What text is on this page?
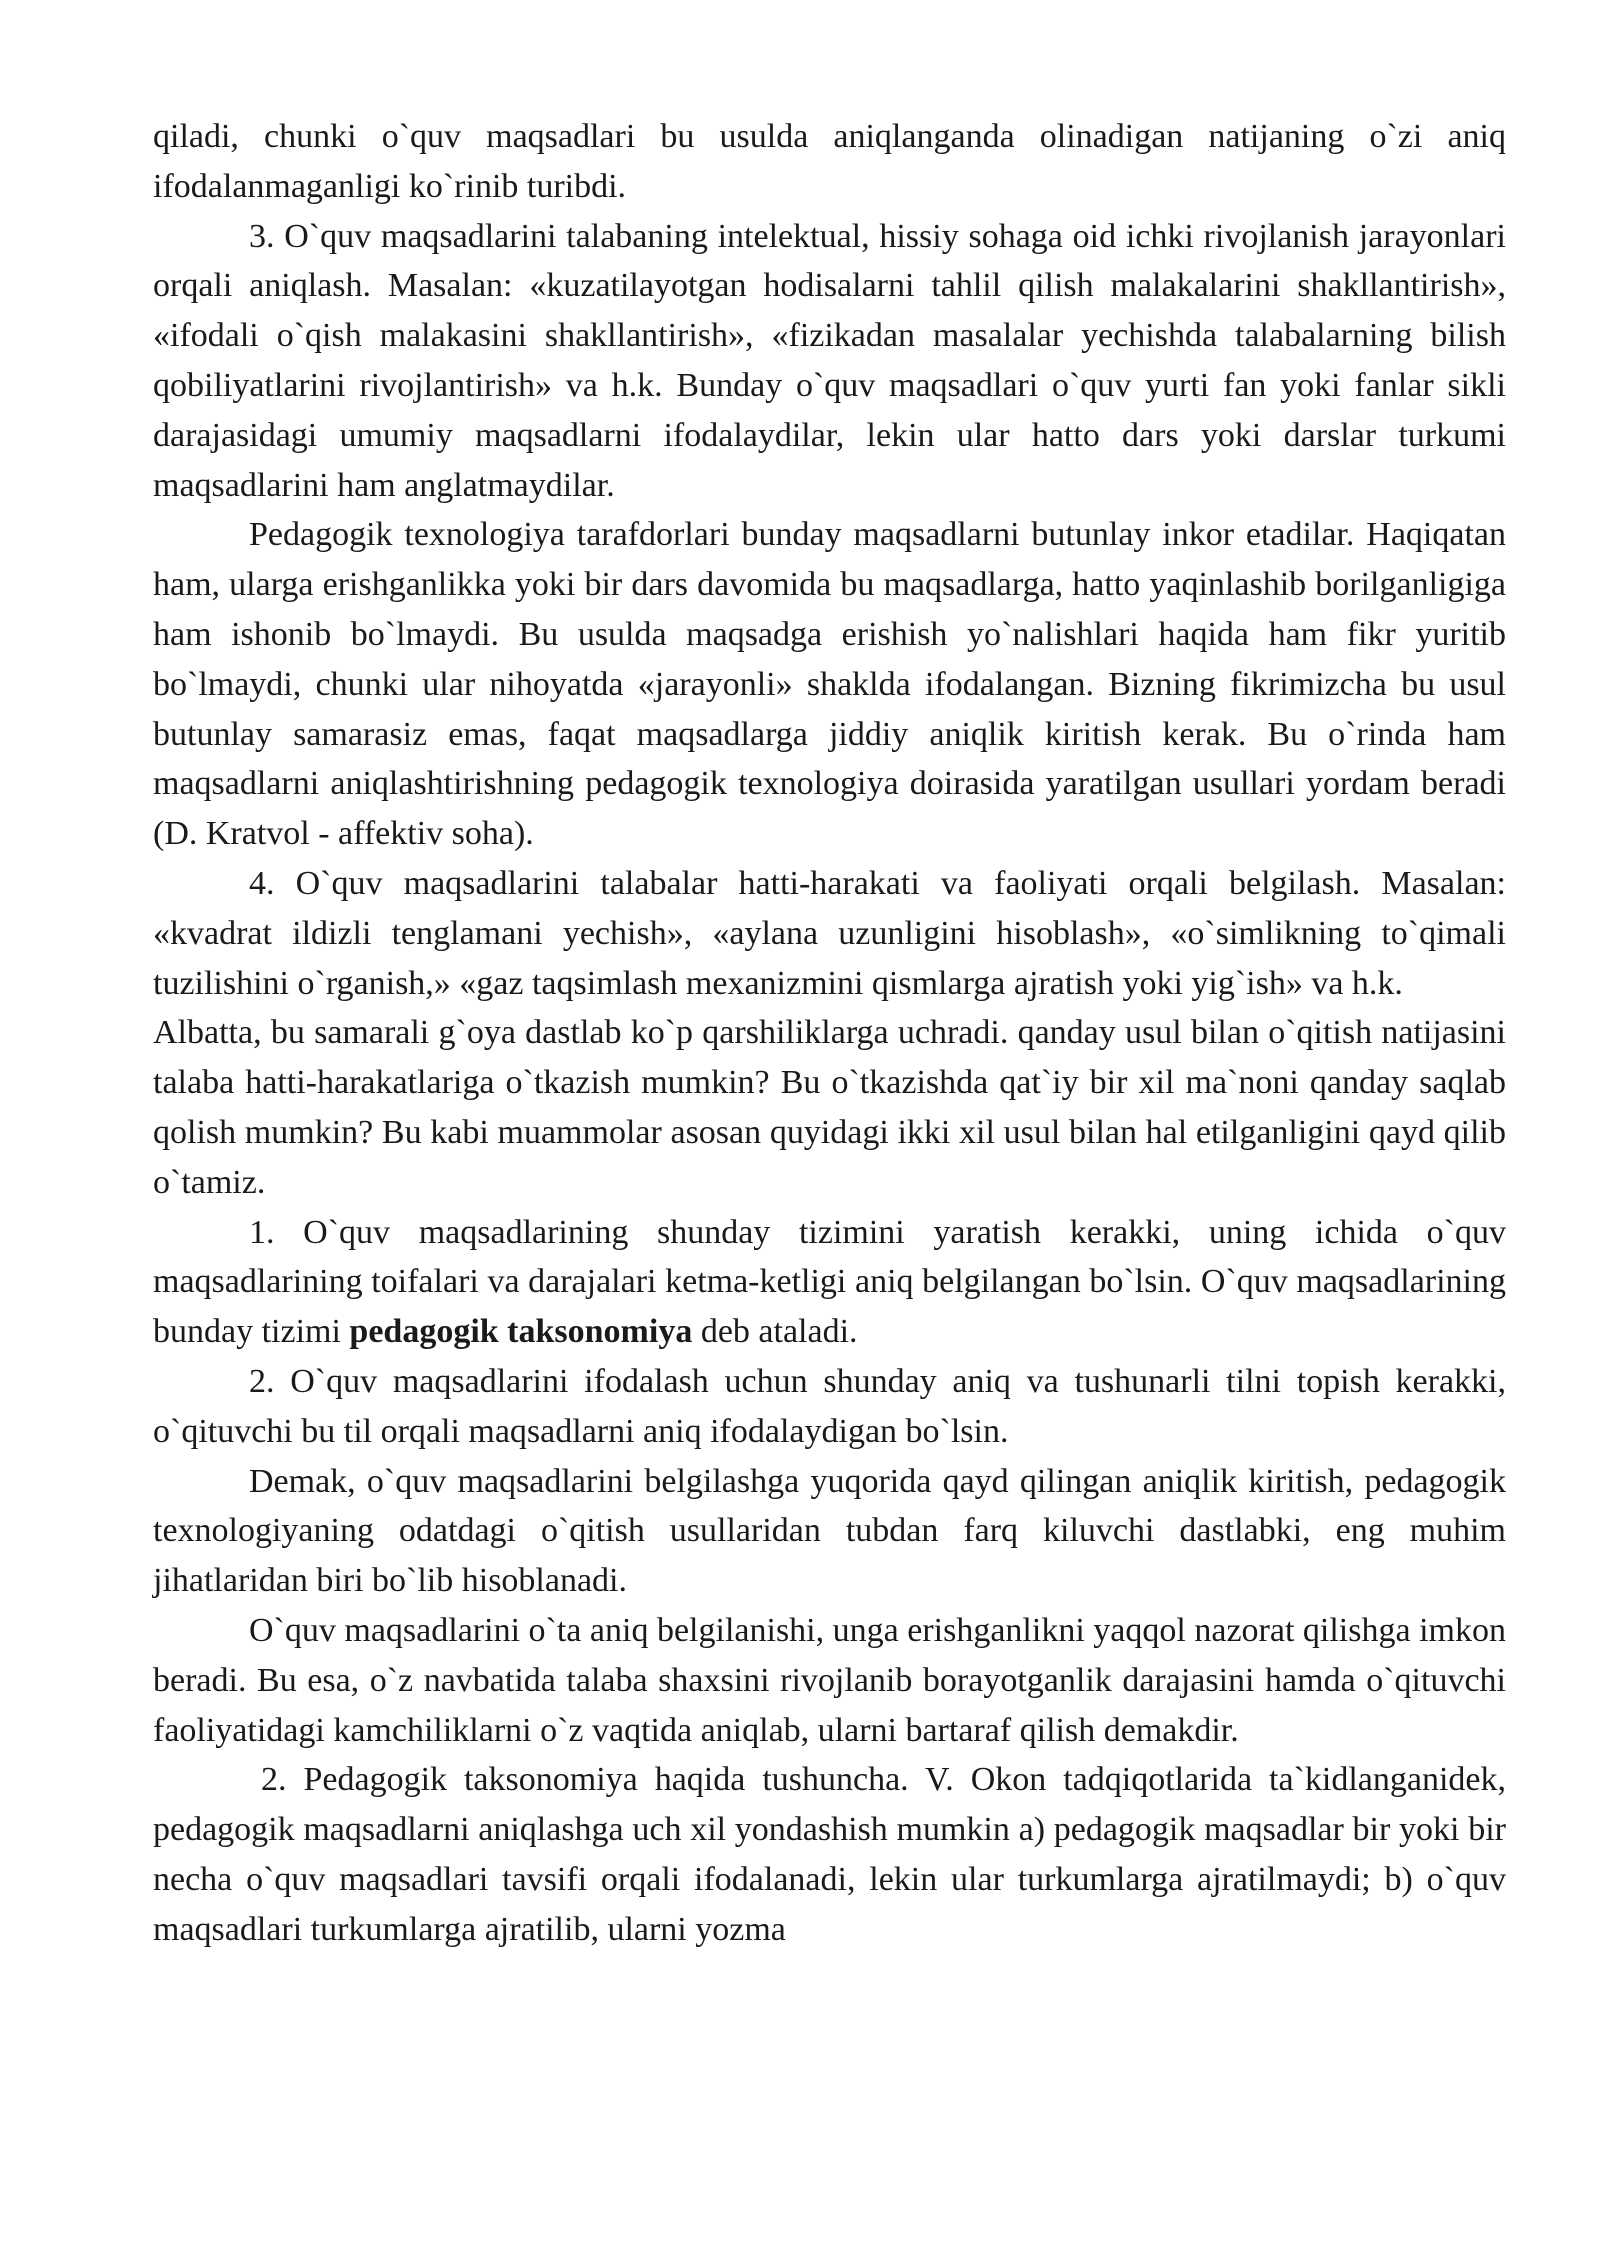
qiladi, chunki o`quv maqsadlari bu usulda aniqlanganda olinadigan natijaning o`zi aniq ifodalanmaganligi ko`rinib turibdi.

3. O`quv maqsadlarini talabaning intelektual, hissiy sohaga oid ichki rivojlanish jarayonlari orqali aniqlash. Masalan: «kuzatilayotgan hodisalarni tahlil qilish malakalarini shakllantirish», «ifodali o`qish malakasini shakllantirish», «fizikadan masalalar yechishda talabalarning bilish qobiliyatlarini rivojlantirish» va h.k. Bunday o`quv maqsadlari o`quv yurti fan yoki fanlar sikli darajasidagi umumiy maqsadlarni ifodalaydilar, lekin ular hatto dars yoki darslar turkumi maqsadlarini ham anglatmaydilar.

Pedagogik texnologiya tarafdorlari bunday maqsadlarni butunlay inkor etadilar. Haqiqatan ham, ularga erishganlikka yoki bir dars davomida bu maqsadlarga, hatto yaqinlashib borilganligiga ham ishonib bo`lmaydi. Bu usulda maqsadga erishish yo`nalishlari haqida ham fikr yuritib bo`lmaydi, chunki ular nihoyatda «jarayonli» shaklda ifodalangan. Bizning fikrimizcha bu usul butunlay samarasiz emas, faqat maqsadlarga jiddiy aniqlik kiritish kerak. Bu o`rinda ham maqsadlarni aniqlashtirishning pedagogik texnologiya doirasida yaratilgan usullari yordam beradi (D. Kratvol - affektiv soha).

4. O`quv maqsadlarini talabalar hatti-harakati va faoliyati orqali belgilash. Masalan: «kvadrat ildizli tenglamani yechish», «aylana uzunligini hisoblash», «o`simlikning to`qimali tuzilishini o`rganish,» «gaz taqsimlash mexanizmini qismlarga ajratish yoki yig`ish» va h.k.

Albatta, bu samarali g`oya dastlab ko`p qarshiliklarga uchradi. qanday usul bilan o`qitish natijasini talaba hatti-harakatlariga o`tkazish mumkin? Bu o`tkazishda qat`iy bir xil ma`noni qanday saqlab qolish mumkin? Bu kabi muammolar asosan quyidagi ikki xil usul bilan hal etilganligini qayd qilib o`tamiz.

1. O`quv maqsadlarining shunday tizimini yaratish kerakki, uning ichida o`quv maqsadlarining toifalari va darajalari ketma-ketligi aniq belgilangan bo`lsin. O`quv maqsadlarining bunday tizimi pedagogik taksonomiya deb ataladi.

2. O`quv maqsadlarini ifodalash uchun shunday aniq va tushunarli tilni topish kerakki, o`qituvchi bu til orqali maqsadlarni aniq ifodalaydigan bo`lsin.

Demak, o`quv maqsadlarini belgilashga yuqorida qayd qilingan aniqlik kiritish, pedagogik texnologiyaning odatdagi o`qitish usullaridan tubdan farq kiluvchi dastlabki, eng muhim jihatlaridan biri bo`lib hisoblanadi.

O`quv maqsadlarini o`ta aniq belgilanishi, unga erishganlikni yaqqol nazorat qilishga imkon beradi. Bu esa, o`z navbatida talaba shaxsini rivojlanib borayotganlik darajasini hamda o`qituvchi faoliyatidagi kamchiliklarni o`z vaqtida aniqlab, ularni bartaraf qilish demakdir.

2. Pedagogik taksonomiya haqida tushuncha. V. Okon tadqiqotlarida ta`kidlanganidek, pedagogik maqsadlarni aniqlashga uch xil yondashish mumkin a) pedagogik maqsadlar bir yoki bir necha o`quv maqsadlari tavsifi orqali ifodalanadi, lekin ular turkumlarga ajratilmaydi; b) o`quv maqsadlari turkumlarga ajratilib, ularni yozma
